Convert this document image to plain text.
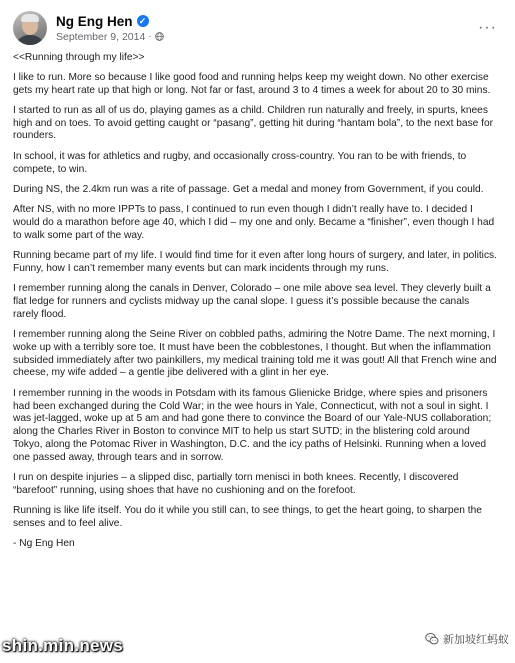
Ng Eng Hen ✓
September 9, 2014 ·
···

<<Running through my life>>

I like to run. More so because I like good food and running helps keep my weight down. No other exercise gets my heart rate up that high or long. Not far or fast, around 3 to 4 times a week for about 20 to 30 mins.

I started to run as all of us do, playing games as a child. Children run naturally and freely, in spurts, knees high and on toes. To avoid getting caught or “pasang”, getting hit during “hantam bola”, to the next base for rounders.

In school, it was for athletics and rugby, and occasionally cross-country. You ran to be with friends, to compete, to win.

During NS, the 2.4km run was a rite of passage. Get a medal and money from Government, if you could.

After NS, with no more IPPTs to pass, I continued to run even though I didn’t really have to. I decided I would do a marathon before age 40, which I did – my one and only. Became a “finisher”, even though I had to walk some part of the way.

Running became part of my life. I would find time for it even after long hours of surgery, and later, in politics. Funny, how I can’t remember many events but can mark incidents through my runs.

I remember running along the canals in Denver, Colorado – one mile above sea level. They cleverly built a flat ledge for runners and cyclists midway up the canal slope. I guess it’s possible because the canals rarely flood.

I remember running along the Seine River on cobbled paths, admiring the Notre Dame. The next morning, I woke up with a terribly sore toe. It must have been the cobblestones, I thought. But when the inflammation subsided immediately after two painkillers, my medical training told me it was gout! All that French wine and cheese, my wife added – a gentle jibe delivered with a glint in her eye.

I remember running in the woods in Potsdam with its famous Glienicke Bridge, where spies and prisoners had been exchanged during the Cold War; in the wee hours in Yale, Connecticut, with not a soul in sight. I was jet-lagged, woke up at 5 am and had gone there to convince the Board of our Yale-NUS collaboration; along the Charles River in Boston to convince MIT to help us start SUTD; in the blistering cold around Tokyo, along the Potomac River in Washington, D.C. and the icy paths of Helsinki. Running when a loved one passed away, through tears and in sorrow.

I run on despite injuries – a slipped disc, partially torn menisci in both knees. Recently, I discovered “barefoot” running, using shoes that have no cushioning and on the forefoot.

Running is like life itself. You do it while you still can, to see things, to get the heart going, to sharpen the senses and to feel alive.

- Ng Eng Hen

shin.min.news	新加坡红蚂蚁
